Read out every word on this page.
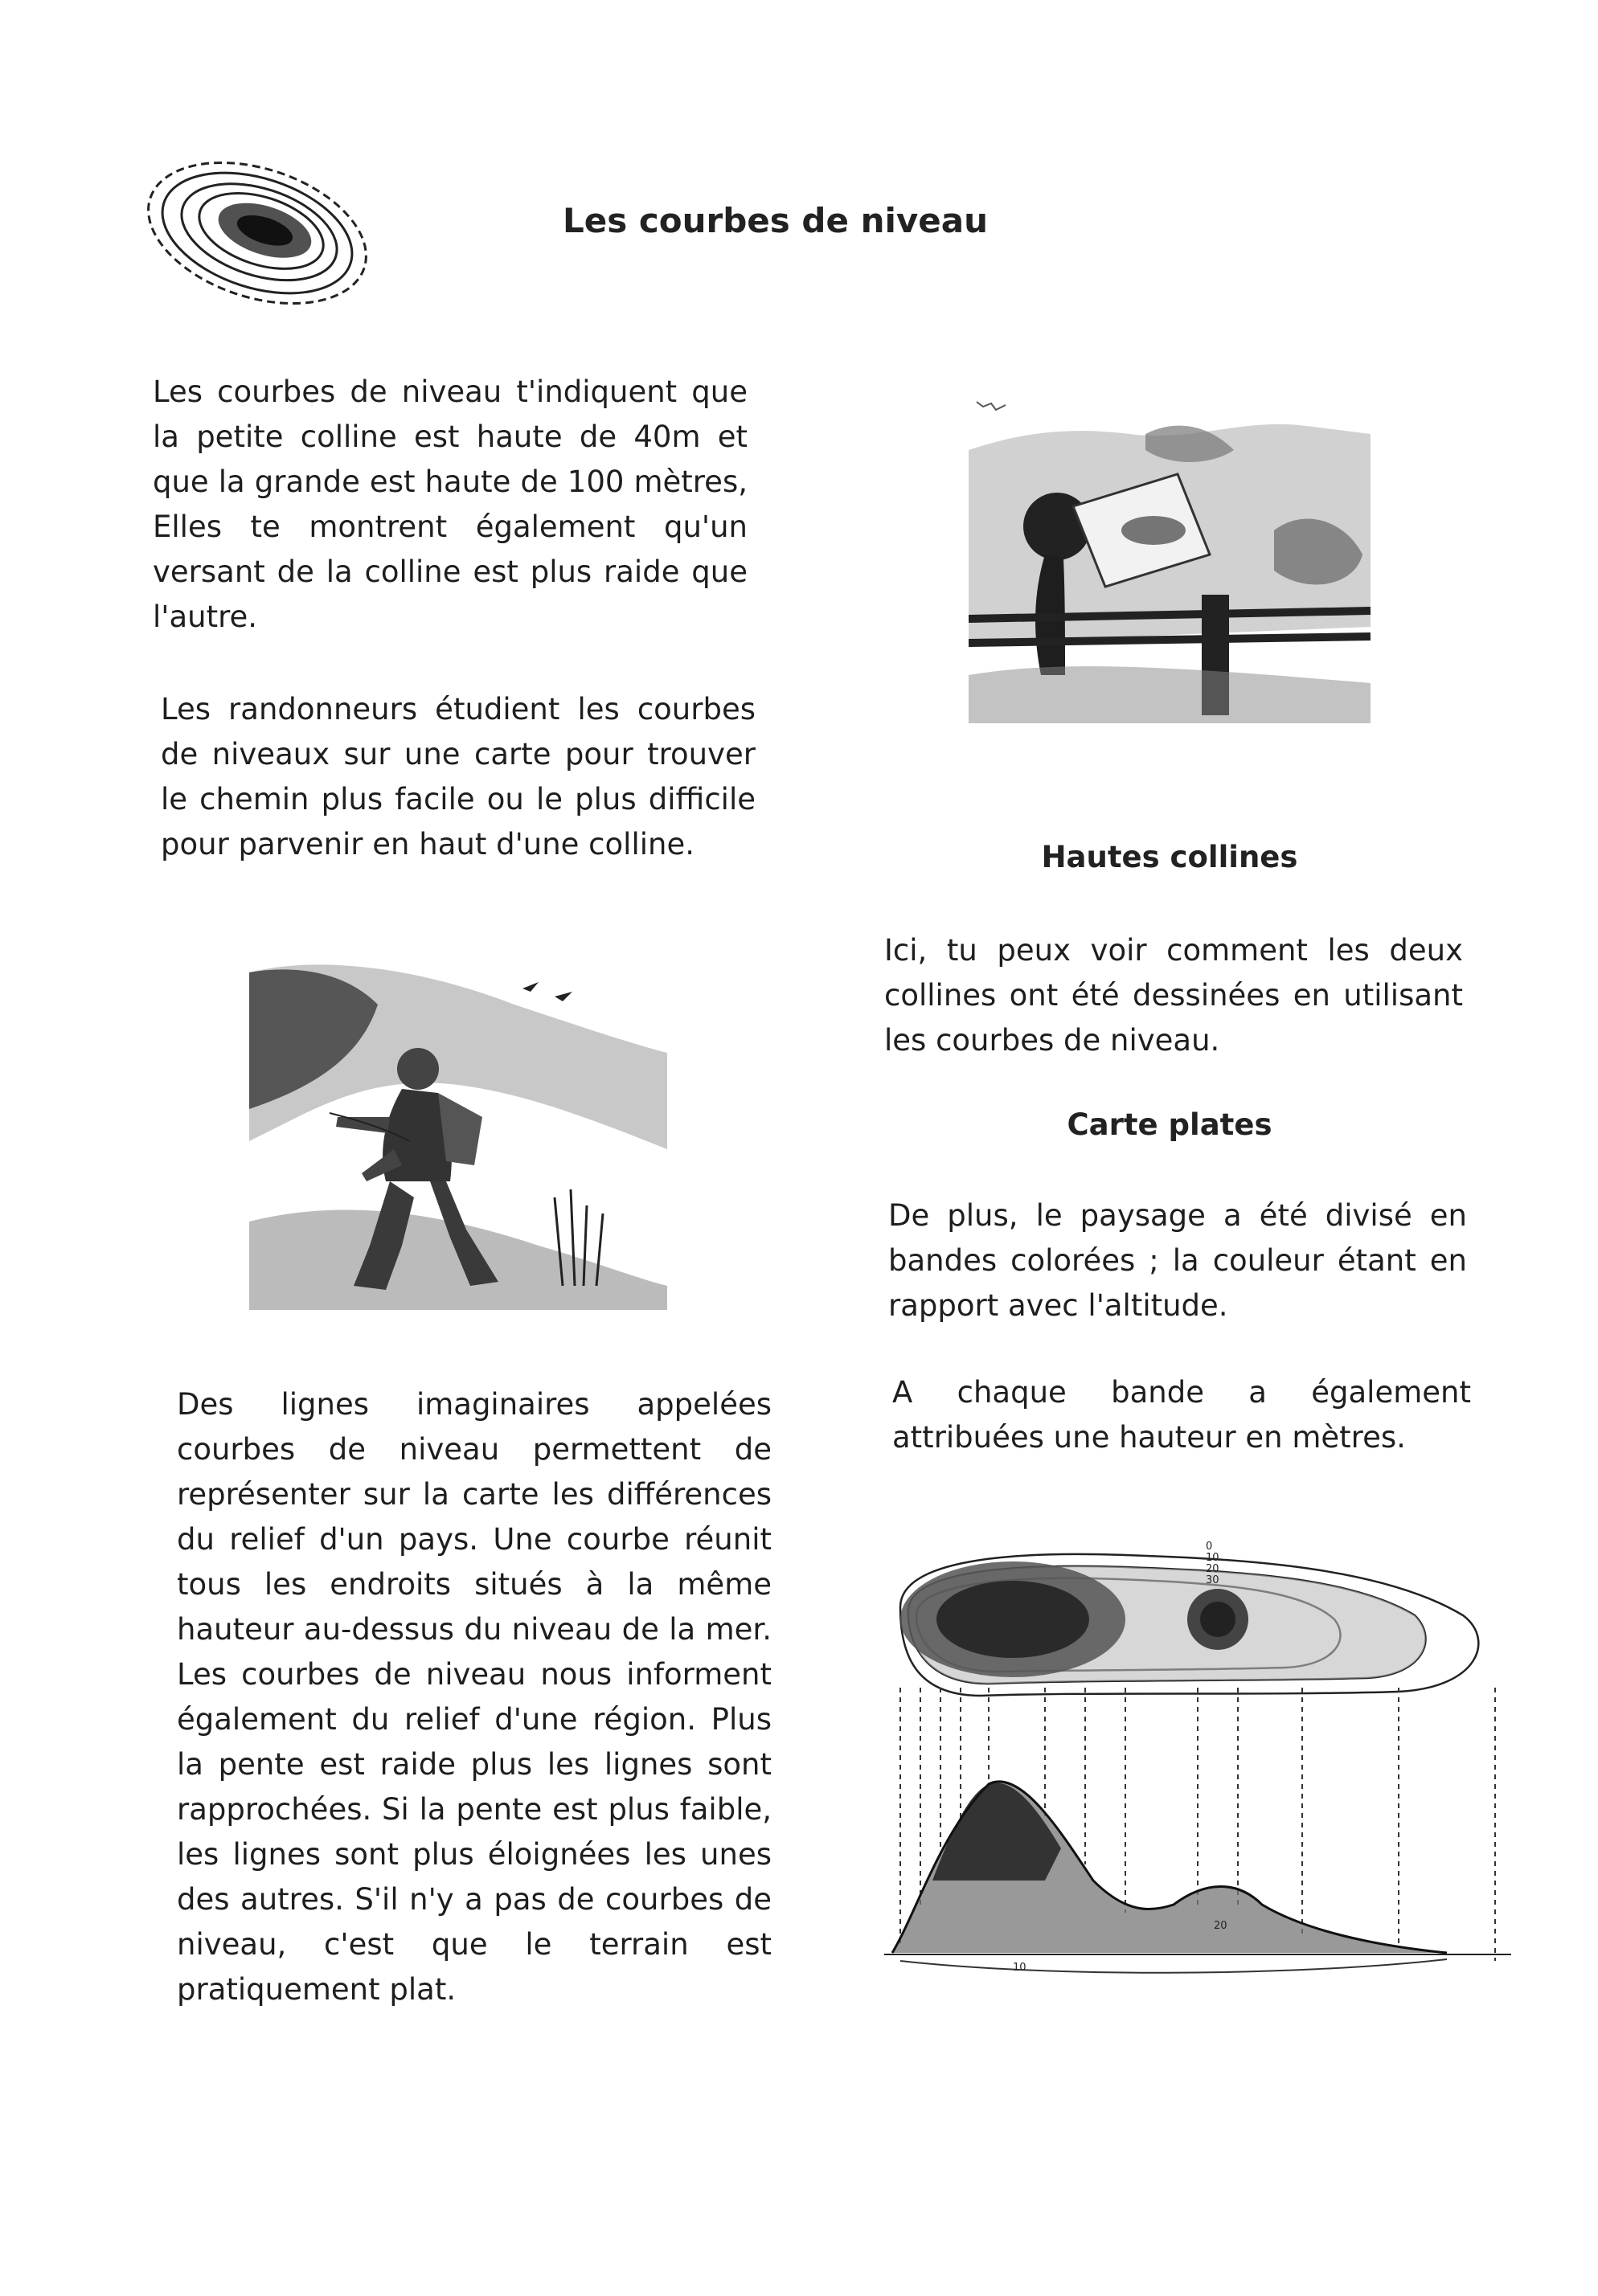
Les courbes de niveau
Les courbes de niveau t'indiquent que la petite colline est haute de 40m et que la grande est haute de 100 mètres, Elles te montrent également qu'un versant de la colline est plus raide que l'autre.
Les randonneurs étudient les courbes de niveaux sur une carte pour trouver le chemin plus facile ou le plus difficile pour parvenir en haut d'une colline.
Des lignes imaginaires appelées courbes de niveau permettent de représenter sur la carte les différences du relief d'un pays. Une courbe réunit tous les endroits situés à la même hauteur au-dessus du niveau de la mer. Les courbes de niveau nous informent également du relief d'une région. Plus la pente est raide plus les lignes sont rapprochées. Si la pente est plus faible, les lignes sont plus éloignées les unes des autres. S'il n'y a pas de courbes de niveau, c'est que le terrain est pratiquement plat.
Hautes collines
Ici, tu peux voir comment les deux collines ont été dessinées en utilisant les courbes de niveau.
Carte plates
De plus, le paysage a été divisé en bandes colorées ; la couleur étant en rapport avec l'altitude.
A chaque bande a également attribuées une hauteur en mètres.
0
10
20
30
20
10
